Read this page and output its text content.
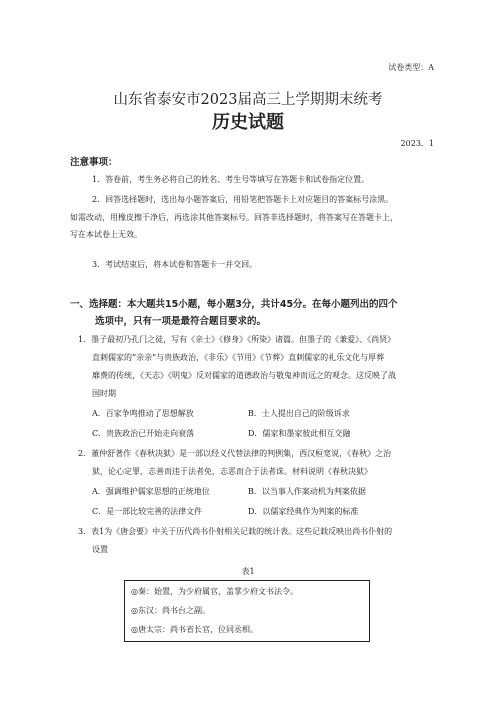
试卷类型：A
山东省泰安市2023届高三上学期期末统考
历史试题
2023．1
注意事项：
1．答卷前，考生务必将自己的姓名、考生号等填写在答题卡和试卷指定位置。
2．回答选择题时，选出每小题答案后，用铅笔把答题卡上对应题目的答案标号涂黑。
如需改动，用橡皮擦干净后，再选涂其他答案标号。回答非选择题时，将答案写在答题卡上，
写在本试卷上无效。
3．考试结束后，将本试卷和答题卡一并交回。
一、选择题：本大题共15小题，每小题3分，共计45分。在每小题列出的四个
选项中，只有一项是最符合题目要求的。
1．墨子最初乃孔门之徒，写有《亲士》《修身》《所染》诸篇。但墨子的《兼爱》、《尚贤》
直刺儒家的“亲亲”与贵族政治，《非乐》《节用》《节葬》直刺儒家的礼乐文化与厚葬
靡费的传统，《天志》《明鬼》反对儒家的道德政治与敬鬼神而远之的观念。这反映了战
国时期
A．百家争鸣推动了思想解放	B．士人提出自己的阶级诉求
C．贵族政治已开始走向衰落	D．儒家和墨家彼此相互交融
2．董仲舒著作《春秋决狱》是一部以经义代替法律的判例集，西汉桓宽说，《春秋》之治
狱，论心定罪，志善而违于法者免，志恶而合于法者诛。材料说明《春秋决狱》
A．强调维护儒家思想的正统地位	B．以当事人作案动机为判案依据
C．是一部比较完善的法律文件	D．以儒家经典作为判案的标准
3．表1为《唐会要》中关于历代尚书仆射相关记载的统计表。这些记载反映出尚书仆射的
设置
表1
◎秦：始置，为少府属官，盖掌少府文书法令。
◎东汉：尚书台之副。
◎唐太宗：尚书省长官，位同丞相。
